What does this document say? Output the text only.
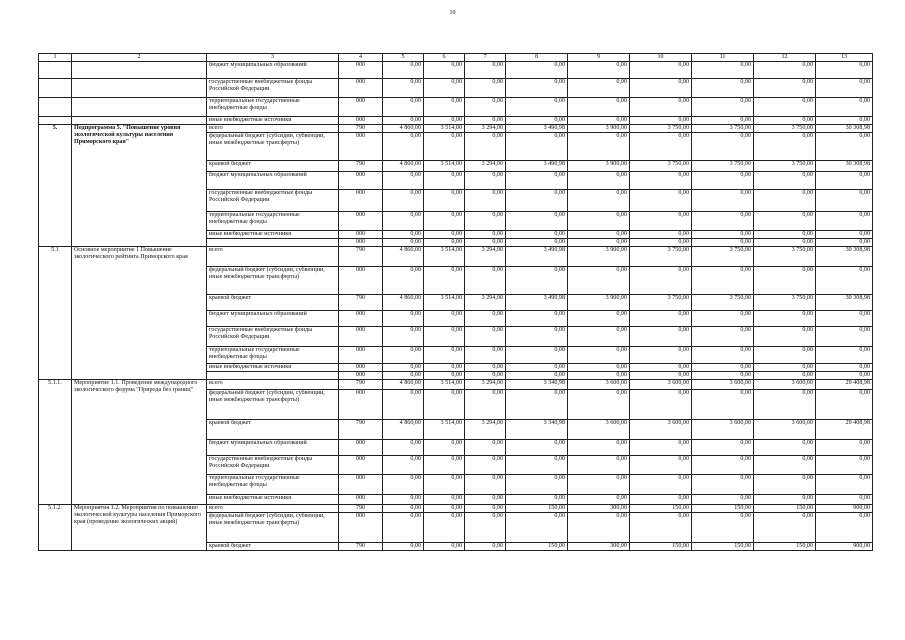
10
1	2	3	4	5	6	7	8	9	10	11	12	13
		бюджет муниципальных образований	000	0,00	0,00	0,00	0,00	0,00	0,00	0,00	0,00	0,00
		государственные внебюджетные фонды Российской Федерации	000	0,00	0,00	0,00	0,00	0,00	0,00	0,00	0,00	0,00
		территориальные государственные внебюджетные фонды	000	0,00	0,00	0,00	0,00	0,00	0,00	0,00	0,00	0,00
		иные внебюджетные источники	000	0,00	0,00	0,00	0,00	0,00	0,00	0,00	0,00	0,00
5.	Подпрограмма 5. "Повышение уровня экологической культуры населения Приморского края"	всего	790	4 860,00	3 514,00	3 294,00	3 490,98	3 900,00	3 750,00	3 750,00	3 750,00	30 308,98
		федеральный бюджет (субсидии, субвенции, иные межбюджетные трансферты)	000	0,00	0,00	0,00	0,00	0,00	0,00	0,00	0,00	0,00
		краевой бюджет	790	4 860,00	3 514,00	3 294,00	3 490,98	3 900,00	3 750,00	3 750,00	3 750,00	30 308,98
		бюджет муниципальных образований	000	0,00	0,00	0,00	0,00	0,00	0,00	0,00	0,00	0,00
		государственные внебюджетные фонды Российской Федерации	000	0,00	0,00	0,00	0,00	0,00	0,00	0,00	0,00	0,00
		территориальные государственные внебюджетные фонды	000	0,00	0,00	0,00	0,00	0,00	0,00	0,00	0,00	0,00
		иные внебюджетные источники	000	0,00	0,00	0,00	0,00	0,00	0,00	0,00	0,00	0,00
			000	0,00	0,00	0,00	0,00	0,00	0,00	0,00	0,00	0,00
5.1	Основное мероприятие 1 Повышение экологического рейтинга Приморского края	всего	790	4 860,00	3 514,00	3 294,00	3 490,98	3 900,00	3 750,00	3 750,00	3 750,00	30 308,98
		федеральный бюджет (субсидии, субвенции, иные межбюджетные трансферты)	000	0,00	0,00	0,00	0,00	0,00	0,00	0,00	0,00	0,00
		краевой бюджет	790	4 860,00	3 514,00	3 294,00	3 490,98	3 900,00	3 750,00	3 750,00	3 750,00	30 308,98
		бюджет муниципальных образований	000	0,00	0,00	0,00	0,00	0,00	0,00	0,00	0,00	0,00
		государственные внебюджетные фонды Российской Федерации	000	0,00	0,00	0,00	0,00	0,00	0,00	0,00	0,00	0,00
		территориальные государственные внебюджетные фонды	000	0,00	0,00	0,00	0,00	0,00	0,00	0,00	0,00	0,00
		иные внебюджетные источники	000	0,00	0,00	0,00	0,00	0,00	0,00	0,00	0,00	0,00
			000	0,00	0,00	0,00	0,00	0,00	0,00	0,00	0,00	0,00
5.1.1.	Мероприятие 1.1. Проведение международного экологического форума "Природа без границ"	всего	790	4 860,00	3 514,00	3 294,00	3 340,98	3 600,00	3 600,00	3 600,00	3 600,00	29 408,98
		федеральный бюджет (субсидии, субвенции, иные межбюджетные трансферты)	000	0,00	0,00	0,00	0,00	0,00	0,00	0,00	0,00	0,00
		краевой бюджет	790	4 860,00	3 514,00	3 294,00	3 340,98	3 600,00	3 600,00	3 600,00	3 600,00	29 408,98
		бюджет муниципальных образований	000	0,00	0,00	0,00	0,00	0,00	0,00	0,00	0,00	0,00
		государственные внебюджетные фонды Российской Федерации	000	0,00	0,00	0,00	0,00	0,00	0,00	0,00	0,00	0,00
		территориальные государственные внебюджетные фонды	000	0,00	0,00	0,00	0,00	0,00	0,00	0,00	0,00	0,00
		иные внебюджетные источники	000	0,00	0,00	0,00	0,00	0,00	0,00	0,00	0,00	0,00
5.1.2.	Мероприятия 1.2. Мероприятия по повышению экологической культуры населения Приморского края (проведение экологических акций)	всего	790	0,00	0,00	0,00	150,00	300,00	150,00	150,00	150,00	900,00
		федеральный бюджет (субсидии, субвенции, иные межбюджетные трансферты)	000	0,00	0,00	0,00	0,00	0,00	0,00	0,00	0,00	0,00
		краевой бюджет	790	0,00	0,00	0,00	150,00	300,00	150,00	150,00	150,00	900,00
